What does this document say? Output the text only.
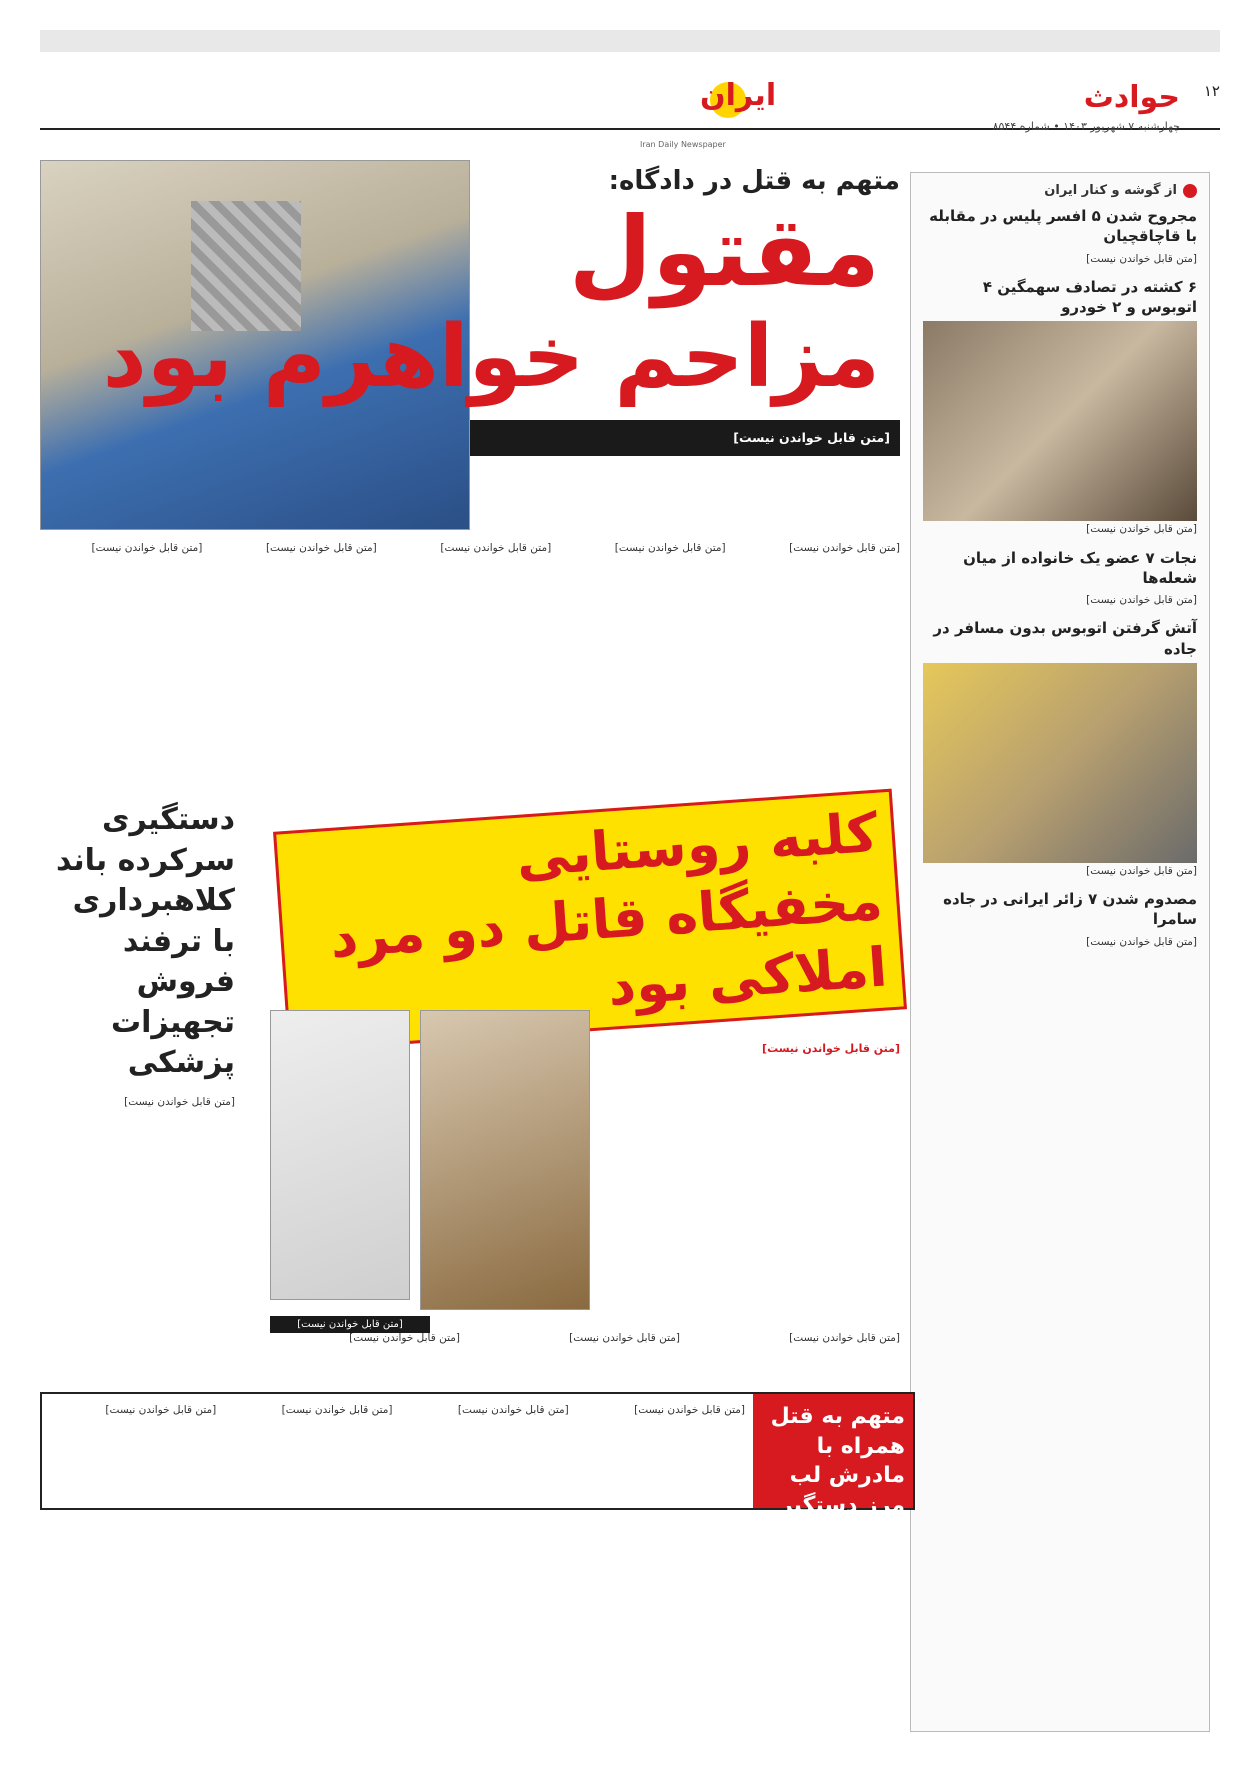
۱۲
حوادث
چهارشنبه ۷ شهریور ۱۴۰۳ • شماره ۸۵۴۴
ایران
Iran Daily Newspaper
از گوشه و کنار ایران
مجروح شدن ۵ افسر پلیس در مقابله با قاچاقچیان

[متن قابل خواندن نیست]

۶ کشته در تصادف سهمگین ۴ اتوبوس و ۲ خودرو

[متن قابل خواندن نیست]

نجات ۷ عضو یک خانواده از میان شعله‌ها

[متن قابل خواندن نیست]

آتش گرفتن اتوبوس بدون مسافر در جاده

[متن قابل خواندن نیست]

مصدوم شدن ۷ زائر ایرانی در جاده سامرا

[متن قابل خواندن نیست]

متهم به قتل در دادگاه:
مقتول
مزاحم خواهرم بود
[متن قابل خواندن نیست]

[متن قابل خواندن نیست]

[متن قابل خواندن نیست]

[متن قابل خواندن نیست]

[متن قابل خواندن نیست]

[متن قابل خواندن نیست]

کلبه روستایی مخفیگاه قاتل دو مرد املاکی بود
[متن قابل خواندن نیست]
[متن قابل خواندن نیست]

[متن قابل خواندن نیست]

[متن قابل خواندن نیست]

[متن قابل خواندن نیست]

دستگیری سرکرده باند کلاهبرداری با ترفند فروش تجهیزات پزشکی
[متن قابل خواندن نیست]
متهم به قتل همراه با مادرش لب مرز دستگیر شدند

[متن قابل خواندن نیست]

[متن قابل خواندن نیست]

[متن قابل خواندن نیست]

[متن قابل خواندن نیست]
